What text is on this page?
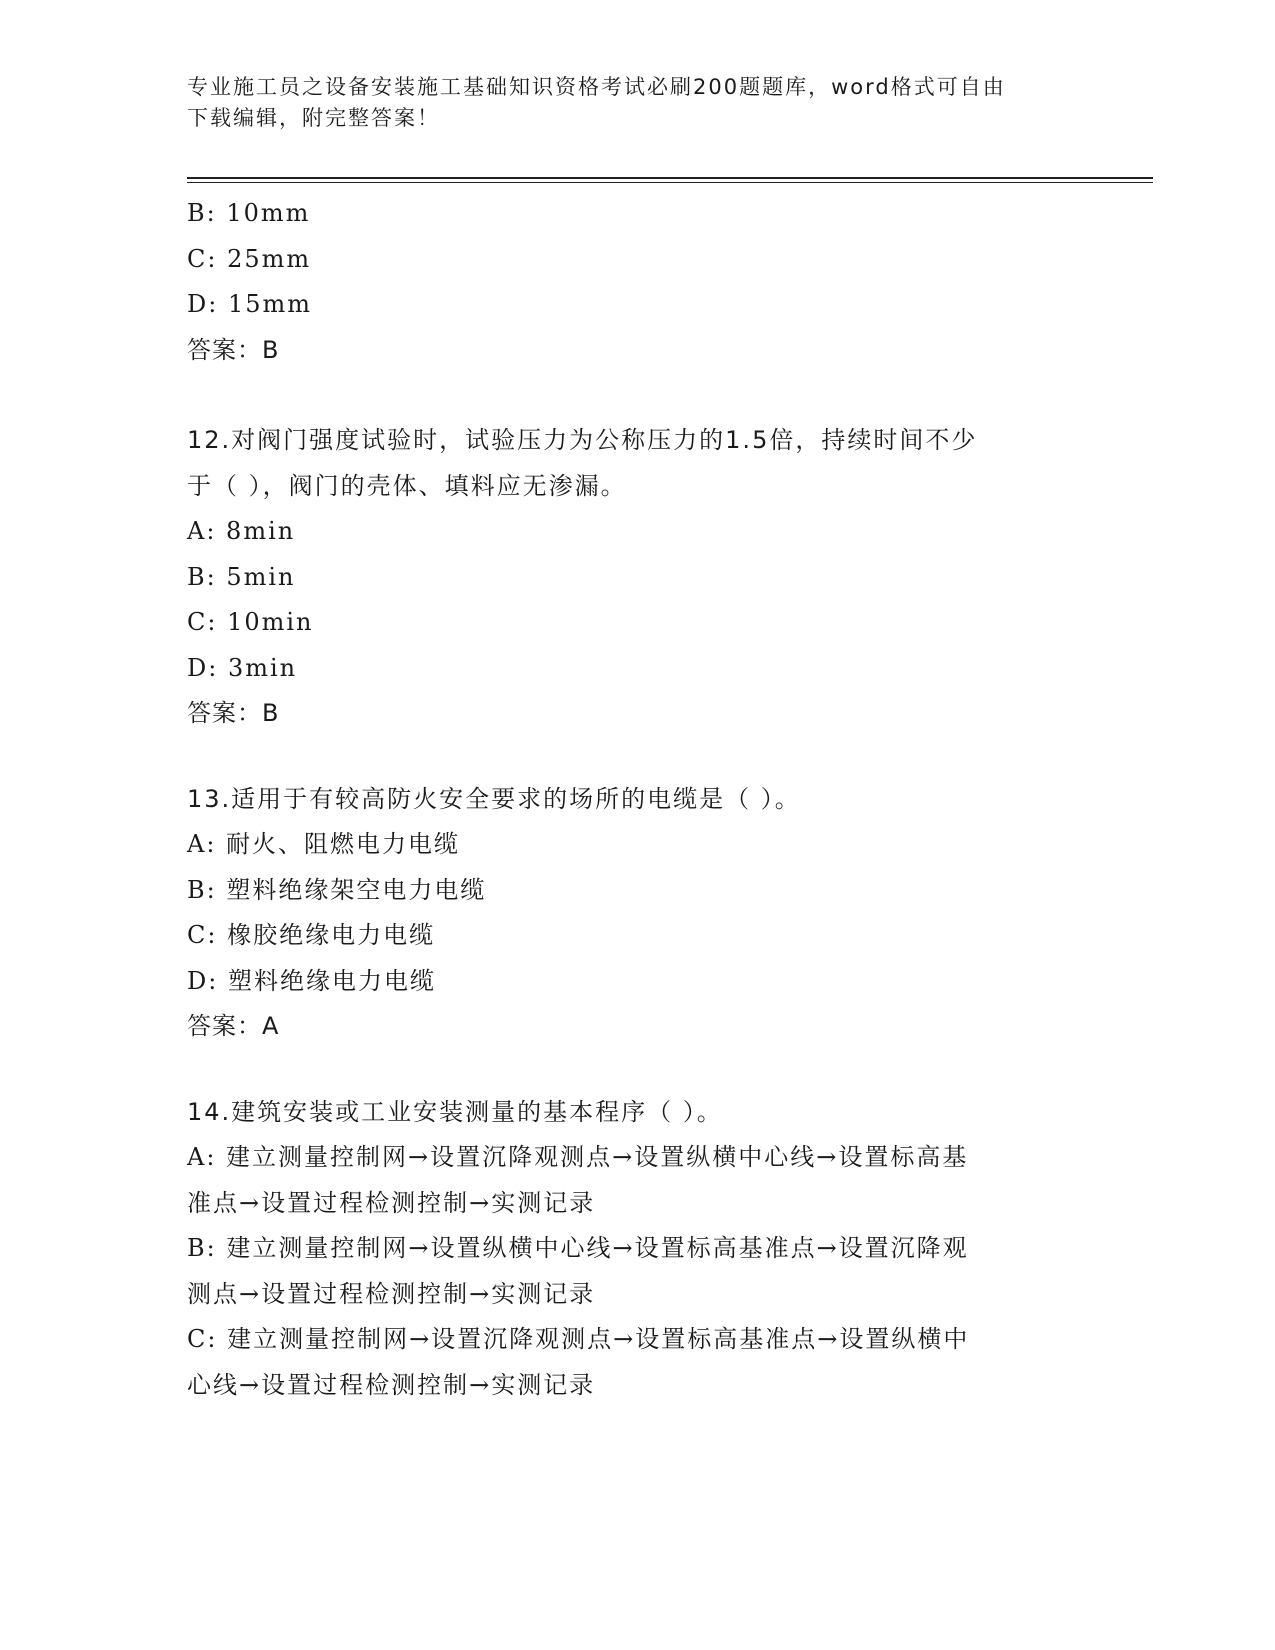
专业施工员之设备安装施工基础知识资格考试必刷200题题库，word格式可自由
下载编辑，附完整答案！
B: 10mm
C: 25mm
D: 15mm
答案：B
12.对阀门强度试验时，试验压力为公称压力的1.5倍，持续时间不少
于（ ），阀门的壳体、填料应无渗漏。
A: 8min
B: 5min
C: 10min
D: 3min
答案：B
13.适用于有较高防火安全要求的场所的电缆是（ ）。
A: 耐火、阻燃电力电缆
B: 塑料绝缘架空电力电缆
C: 橡胶绝缘电力电缆
D: 塑料绝缘电力电缆
答案：A
14.建筑安装或工业安装测量的基本程序（ ）。
A: 建立测量控制网→设置沉降观测点→设置纵横中心线→设置标高基
准点→设置过程检测控制→实测记录
B: 建立测量控制网→设置纵横中心线→设置标高基准点→设置沉降观
测点→设置过程检测控制→实测记录
C: 建立测量控制网→设置沉降观测点→设置标高基准点→设置纵横中
心线→设置过程检测控制→实测记录
